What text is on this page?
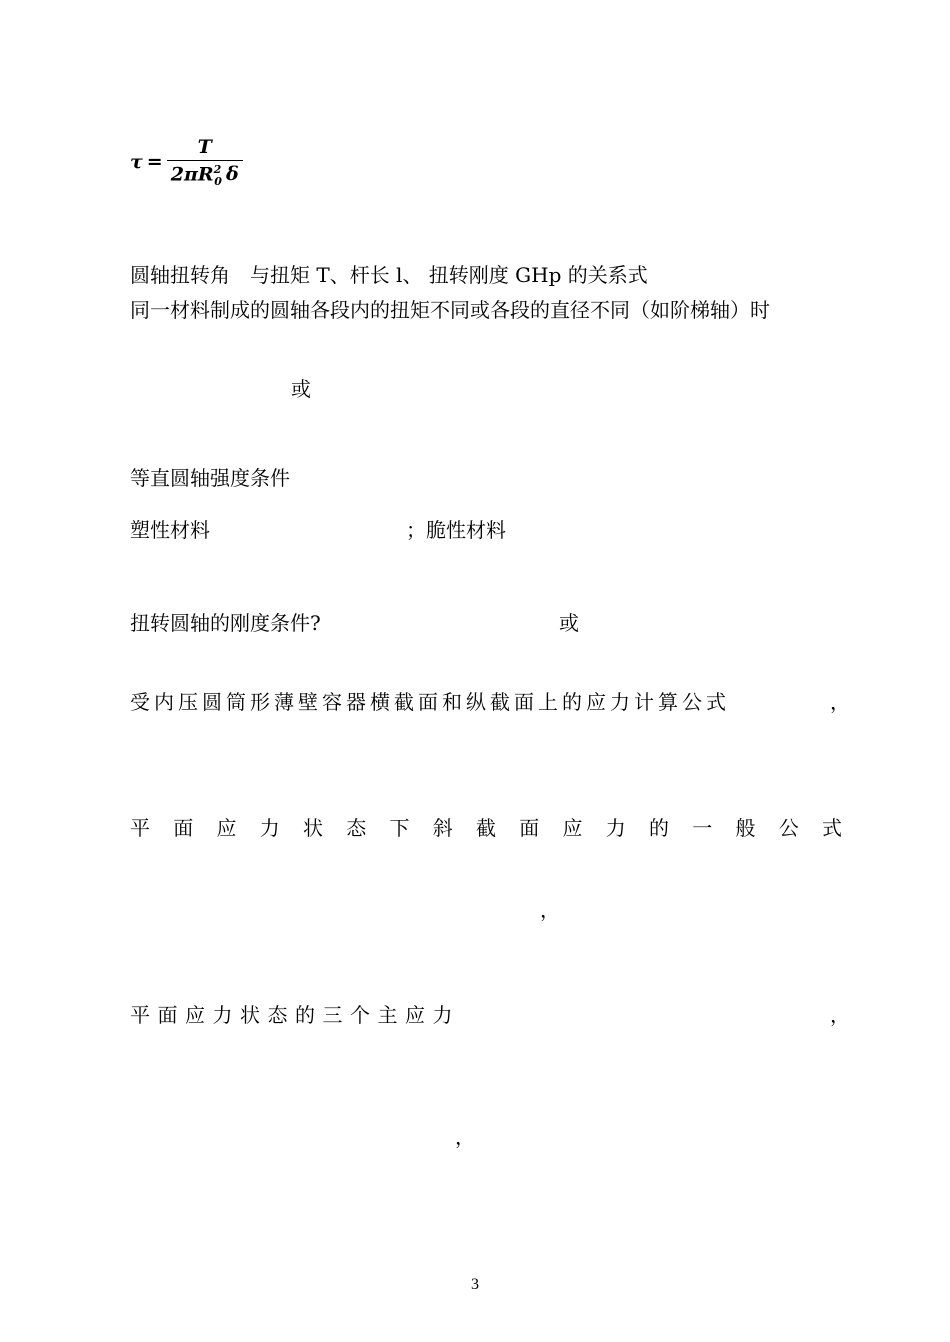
$\tau = \frac{T}{2\pi R^2_0 \delta}$
圆轴扭转角　与扭矩 T、杆长 l、 扭转刚度 GHp 的关系式
同一材料制成的圆轴各段内的扭矩不同或各段的直径不同（如阶梯轴）时
或
等直圆轴强度条件
塑性材料	；脆性材料
扭转圆轴的刚度条件?	或
受内压圆筒形薄壁容器横截面和纵截面上的应力计算公式	，
平 面 应 力 状 态 下 斜 截 面 应 力 的 一 般 公 式
，
平面应力状态的三个主应力	，
，
3
